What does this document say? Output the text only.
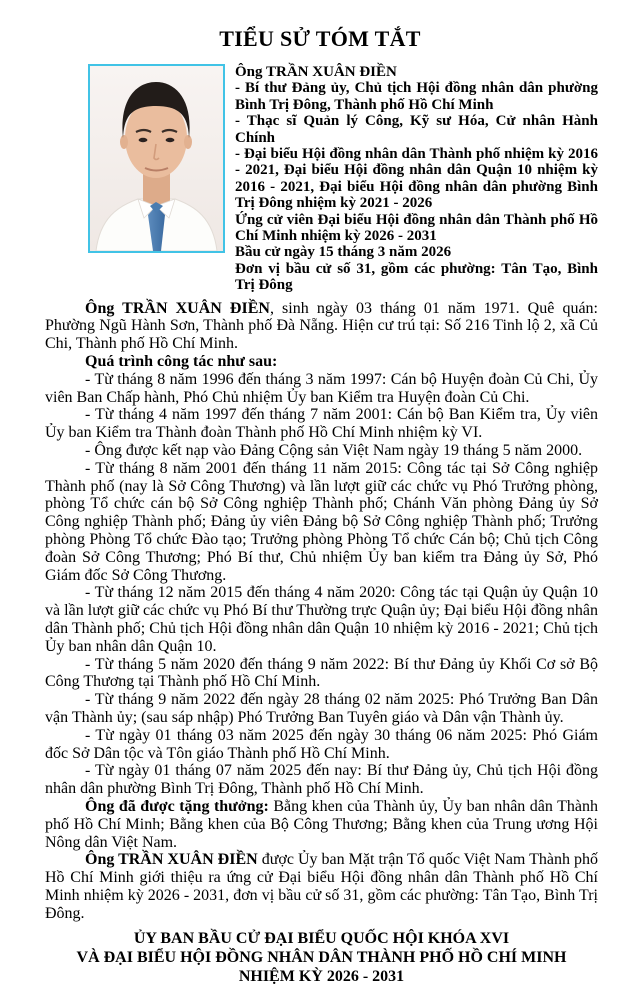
TIỂU SỬ TÓM TẮT

Ông TRẦN XUÂN ĐIỀN

- Bí thư Đảng ủy, Chủ tịch Hội đồng nhân dân phường Bình Trị Đông, Thành phố Hồ Chí Minh

- Thạc sĩ Quản lý Công, Kỹ sư Hóa, Cử nhân Hành Chính

- Đại biểu Hội đồng nhân dân Thành phố nhiệm kỳ 2016 - 2021, Đại biểu Hội đồng nhân dân Quận 10 nhiệm kỳ 2016 - 2021, Đại biểu Hội đồng nhân dân phường Bình Trị Đông nhiệm kỳ 2021 - 2026

Ứng cử viên Đại biểu Hội đồng nhân dân Thành phố Hồ Chí Minh nhiệm kỳ 2026 - 2031

Bầu cử ngày 15 tháng 3 năm 2026

Đơn vị bầu cử số 31, gồm các phường: Tân Tạo, Bình Trị Đông

Ông TRẦN XUÂN ĐIỀN, sinh ngày 03 tháng 01 năm 1971. Quê quán: Phường Ngũ Hành Sơn, Thành phố Đà Nẵng. Hiện cư trú tại: Số 216 Tinh lộ 2, xã Củ Chi, Thành phố Hồ Chí Minh.

Quá trình công tác như sau:

- Từ tháng 8 năm 1996 đến tháng 3 năm 1997: Cán bộ Huyện đoàn Củ Chi, Ủy viên Ban Chấp hành, Phó Chủ nhiệm Ủy ban Kiểm tra Huyện đoàn Củ Chi.

- Từ tháng 4 năm 1997 đến tháng 7 năm 2001: Cán bộ Ban Kiểm tra, Ủy viên Ủy ban Kiểm tra Thành đoàn Thành phố Hồ Chí Minh nhiệm kỳ VI.

- Ông được kết nạp vào Đảng Cộng sản Việt Nam ngày 19 tháng 5 năm 2000.

- Từ tháng 8 năm 2001 đến tháng 11 năm 2015: Công tác tại Sở Công nghiệp Thành phố (nay là Sở Công Thương) và lần lượt giữ các chức vụ Phó Trưởng phòng, phòng Tổ chức cán bộ Sở Công nghiệp Thành phố; Chánh Văn phòng Đảng ủy Sở Công nghiệp Thành phố; Đảng ủy viên Đảng bộ Sở Công nghiệp Thành phố; Trưởng phòng Phòng Tổ chức Đào tạo; Trưởng phòng Phòng Tổ chức Cán bộ; Chủ tịch Công đoàn Sở Công Thương; Phó Bí thư, Chủ nhiệm Ủy ban kiểm tra Đảng ủy Sở, Phó Giám đốc Sở Công Thương.

- Từ tháng 12 năm 2015 đến tháng 4 năm 2020: Công tác tại Quận ủy Quận 10 và lần lượt giữ các chức vụ Phó Bí thư Thường trực Quận ủy; Đại biểu Hội đồng nhân dân Thành phố; Chủ tịch Hội đồng nhân dân Quận 10 nhiệm kỳ 2016 - 2021; Chủ tịch Ủy ban nhân dân Quận 10.

- Từ tháng 5 năm 2020 đến tháng 9 năm 2022: Bí thư Đảng ủy Khối Cơ sở Bộ Công Thương tại Thành phố Hồ Chí Minh.

- Từ tháng 9 năm 2022 đến ngày 28 tháng 02 năm 2025: Phó Trưởng Ban Dân vận Thành ủy; (sau sáp nhập) Phó Trưởng Ban Tuyên giáo và Dân vận Thành ủy.

- Từ ngày 01 tháng 03 năm 2025 đến ngày 30 tháng 06 năm 2025: Phó Giám đốc Sở Dân tộc và Tôn giáo Thành phố Hồ Chí Minh.

- Từ ngày 01 tháng 07 năm 2025 đến nay: Bí thư Đảng ủy, Chủ tịch Hội đồng nhân dân phường Bình Trị Đông, Thành phố Hồ Chí Minh.

Ông đã được tặng thưởng: Bằng khen của Thành ủy, Ủy ban nhân dân Thành phố Hồ Chí Minh; Bằng khen của Bộ Công Thương; Bằng khen của Trung ương Hội Nông dân Việt Nam.

Ông TRẦN XUÂN ĐIỀN được Ủy ban Mặt trận Tổ quốc Việt Nam Thành phố Hồ Chí Minh giới thiệu ra ứng cử Đại biểu Hội đồng nhân dân Thành phố Hồ Chí Minh nhiệm kỳ 2026 - 2031, đơn vị bầu cử số 31, gồm các phường: Tân Tạo, Bình Trị Đông.

ỦY BAN BẦU CỬ ĐẠI BIỂU QUỐC HỘI KHÓA XVI

VÀ ĐẠI BIỂU HỘI ĐỒNG NHÂN DÂN THÀNH PHỐ HỒ CHÍ MINH

NHIỆM KỲ 2026 - 2031
